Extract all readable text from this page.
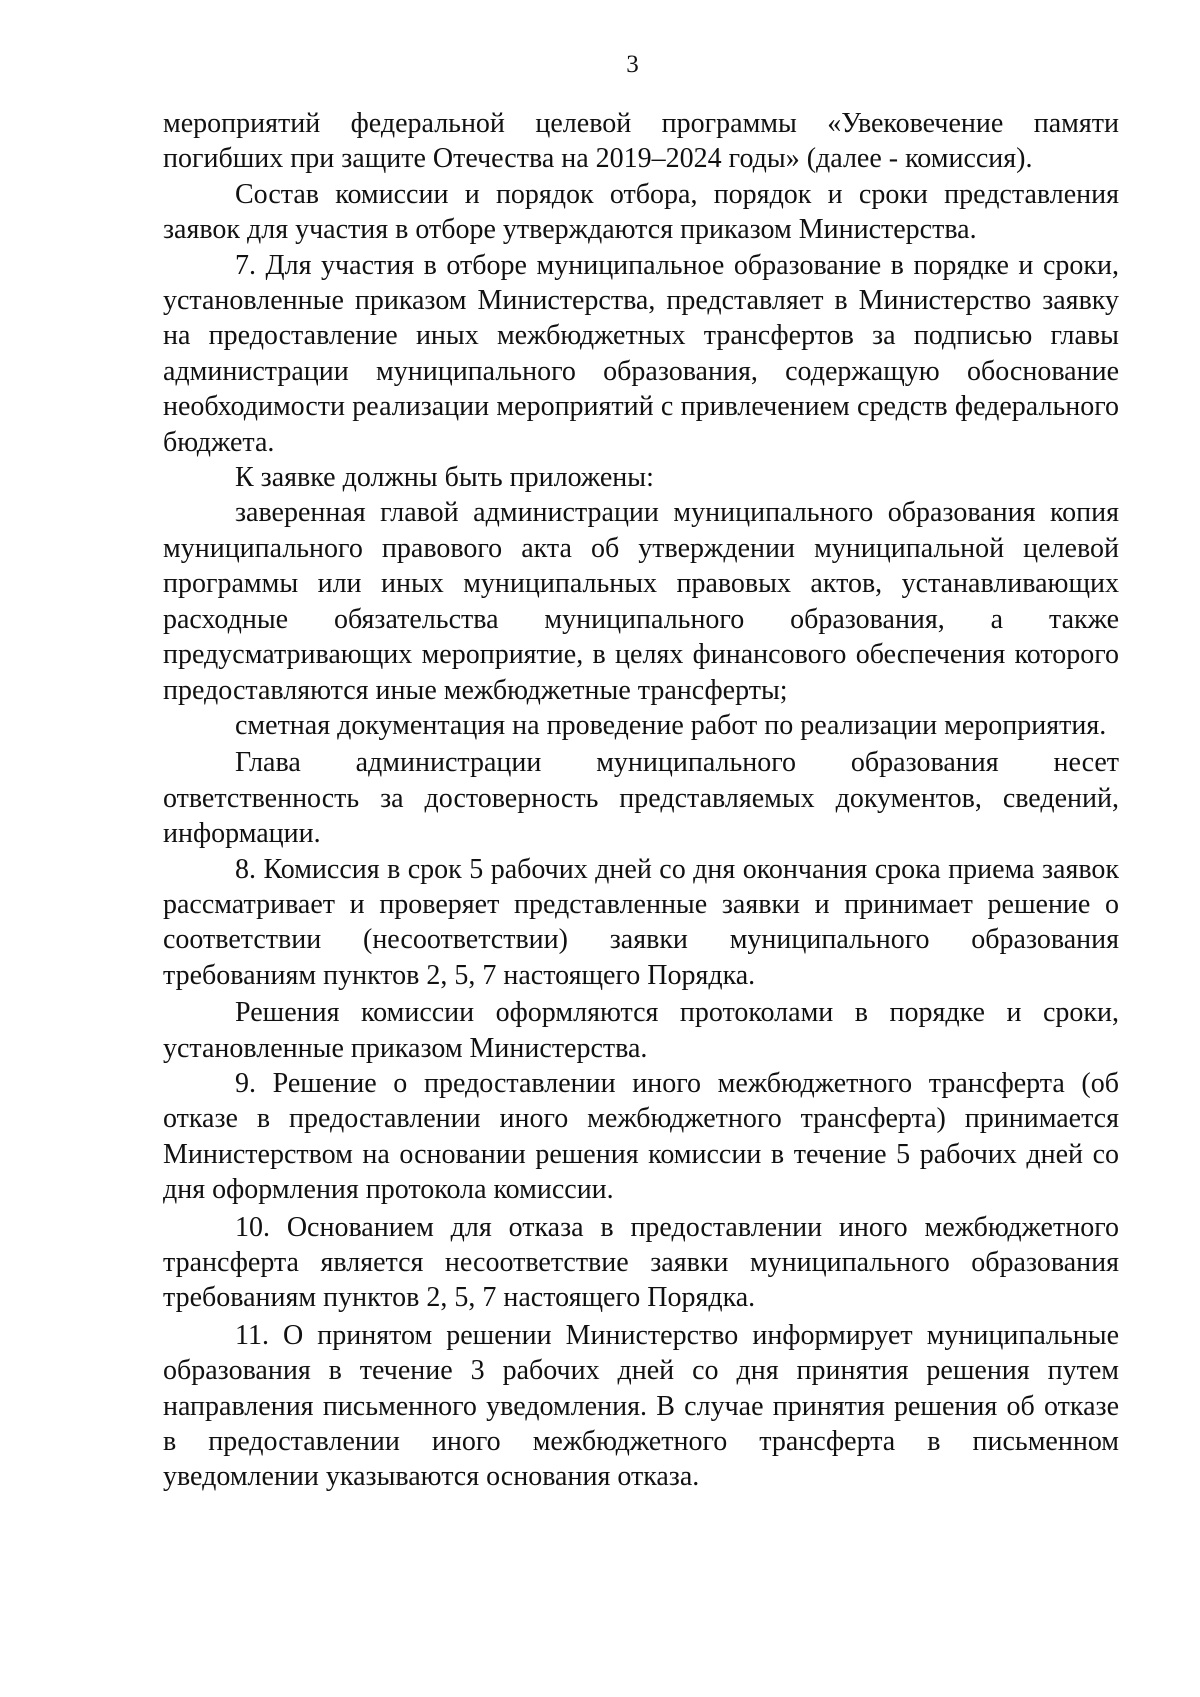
3

мероприятий федеральной целевой программы «Увековечение памяти погибших при защите Отечества на 2019–2024 годы» (далее - комиссия).

Состав комиссии и порядок отбора, порядок и сроки представления заявок для участия в отборе утверждаются приказом Министерства.

7. Для участия в отборе муниципальное образование в порядке и сроки, установленные приказом Министерства, представляет в Министерство заявку на предоставление иных межбюджетных трансфертов за подписью главы администрации муниципального образования, содержащую обоснование необходимости реализации мероприятий с привлечением средств федерального бюджета.

К заявке должны быть приложены:

заверенная главой администрации муниципального образования копия муниципального правового акта об утверждении муниципальной целевой программы или иных муниципальных правовых актов, устанавливающих расходные обязательства муниципального образования, а также предусматривающих мероприятие, в целях финансового обеспечения которого предоставляются иные межбюджетные трансферты;

сметная документация на проведение работ по реализации мероприятия.

Глава администрации муниципального образования несет ответственность за достоверность представляемых документов, сведений, информации.

8. Комиссия в срок 5 рабочих дней со дня окончания срока приема заявок рассматривает и проверяет представленные заявки и принимает решение о соответствии (несоответствии) заявки муниципального образования требованиям пунктов 2, 5, 7 настоящего Порядка.

Решения комиссии оформляются протоколами в порядке и сроки, установленные приказом Министерства.

9. Решение о предоставлении иного межбюджетного трансферта (об отказе в предоставлении иного межбюджетного трансферта) принимается Министерством на основании решения комиссии в течение 5 рабочих дней со дня оформления протокола комиссии.

10. Основанием для отказа в предоставлении иного межбюджетного трансферта является несоответствие заявки муниципального образования требованиям пунктов 2, 5, 7 настоящего Порядка.

11. О принятом решении Министерство информирует муниципальные образования в течение 3 рабочих дней со дня принятия решения путем направления письменного уведомления. В случае принятия решения об отказе в предоставлении иного межбюджетного трансферта в письменном уведомлении указываются основания отказа.
